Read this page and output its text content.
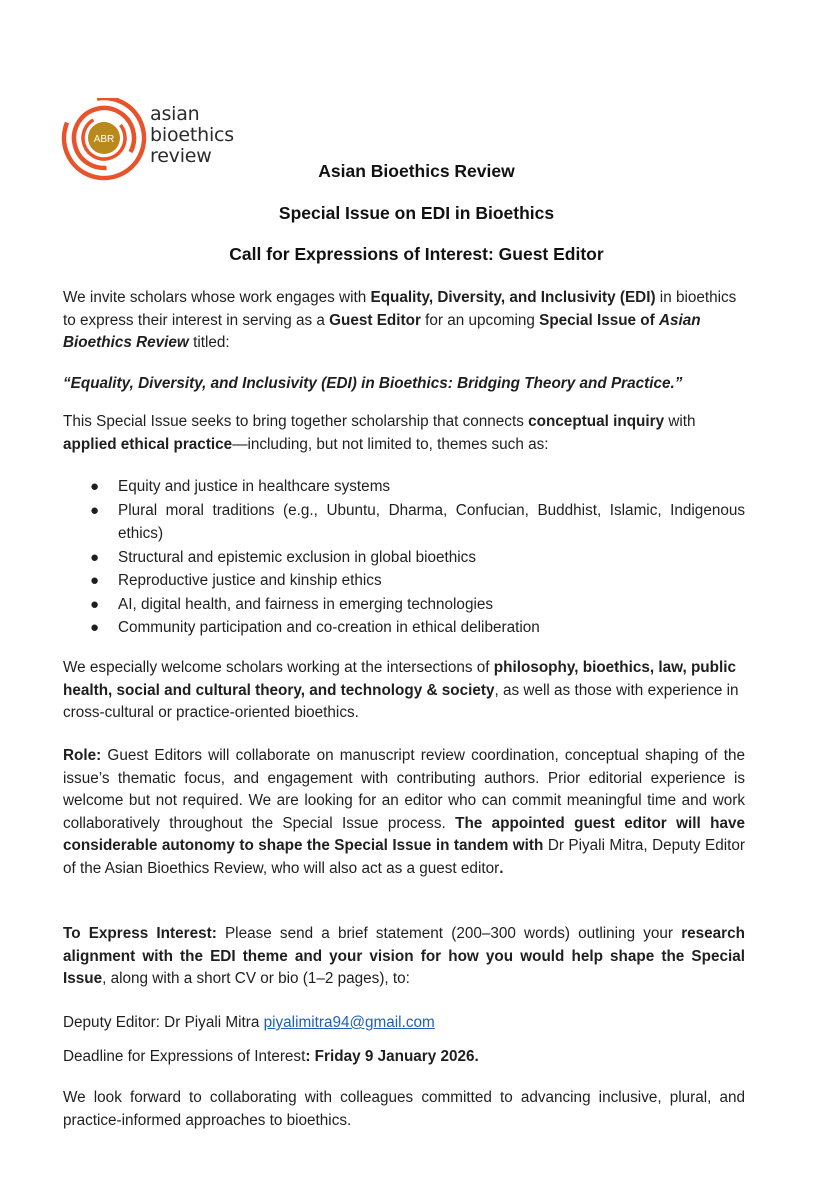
ABR
asian
bioethics
review
Asian Bioethics Review
Special Issue on EDI in Bioethics
Call for Expressions of Interest: Guest Editor

We invite scholars whose work engages with Equality, Diversity, and Inclusivity (EDI) in bioethics to express their interest in serving as a Guest Editor for an upcoming Special Issue of Asian Bioethics Review titled:

“Equality, Diversity, and Inclusivity (EDI) in Bioethics: Bridging Theory and Practice.”

This Special Issue seeks to bring together scholarship that connects conceptual inquiry with applied ethical practice—including, but not limited to, themes such as:

● Equity and justice in healthcare systems
● Plural moral traditions (e.g., Ubuntu, Dharma, Confucian, Buddhist, Islamic, Indigenous ethics)
● Structural and epistemic exclusion in global bioethics
● Reproductive justice and kinship ethics
● AI, digital health, and fairness in emerging technologies
● Community participation and co-creation in ethical deliberation

We especially welcome scholars working at the intersections of philosophy, bioethics, law, public health, social and cultural theory, and technology & society, as well as those with experience in cross-cultural or practice-oriented bioethics.

Role: Guest Editors will collaborate on manuscript review coordination, conceptual shaping of the issue’s thematic focus, and engagement with contributing authors. Prior editorial experience is welcome but not required. We are looking for an editor who can commit meaningful time and work collaboratively throughout the Special Issue process. The appointed guest editor will have considerable autonomy to shape the Special Issue in tandem with Dr Piyali Mitra, Deputy Editor of the Asian Bioethics Review, who will also act as a guest editor.

To Express Interest: Please send a brief statement (200–300 words) outlining your research alignment with the EDI theme and your vision for how you would help shape the Special Issue, along with a short CV or bio (1–2 pages), to:

Deputy Editor: Dr Piyali Mitra piyalimitra94@gmail.com

Deadline for Expressions of Interest: Friday 9 January 2026.

We look forward to collaborating with colleagues committed to advancing inclusive, plural, and practice-informed approaches to bioethics.
